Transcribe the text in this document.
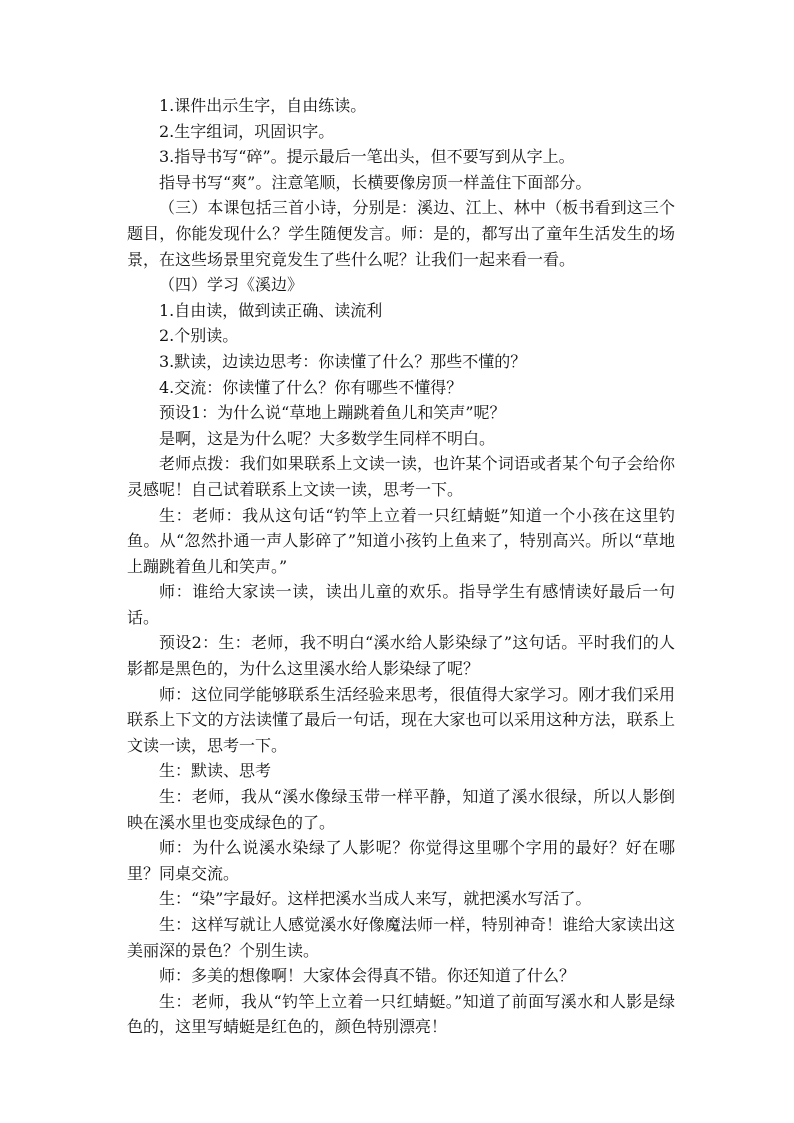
1.课件出示生字，自由练读。

2.生字组词，巩固识字。

3.指导书写“碎”。提示最后一笔出头，但不要写到从字上。

指导书写“爽”。注意笔顺，长横要像房顶一样盖住下面部分。

（三）本课包括三首小诗，分别是：溪边、江上、林中（板书看到这三个题目，你能发现什么？学生随便发言。师：是的，都写出了童年生活发生的场景，在这些场景里究竟发生了些什么呢？让我们一起来看一看。

（四）学习《溪边》

1.自由读，做到读正确、读流利

2.个别读。

3.默读，边读边思考：你读懂了什么？那些不懂的？

4.交流：你读懂了什么？你有哪些不懂得？

预设1：为什么说“草地上蹦跳着鱼儿和笑声”呢？

是啊，这是为什么呢？大多数学生同样不明白。

老师点拨：我们如果联系上文读一读，也许某个词语或者某个句子会给你灵感呢！自己试着联系上文读一读，思考一下。

生：老师：我从这句话“钓竿上立着一只红蜻蜓”知道一个小孩在这里钓鱼。从“忽然扑通一声人影碎了”知道小孩钓上鱼来了，特别高兴。所以“草地上蹦跳着鱼儿和笑声。”

师：谁给大家读一读，读出儿童的欢乐。指导学生有感情读好最后一句话。

预设2：生：老师，我不明白“溪水给人影染绿了”这句话。平时我们的人影都是黑色的，为什么这里溪水给人影染绿了呢？

师：这位同学能够联系生活经验来思考，很值得大家学习。刚才我们采用联系上下文的方法读懂了最后一句话，现在大家也可以采用这种方法，联系上文读一读，思考一下。

生：默读、思考

生：老师，我从“溪水像绿玉带一样平静，知道了溪水很绿，所以人影倒映在溪水里也变成绿色的了。

师：为什么说溪水染绿了人影呢？你觉得这里哪个字用的最好？好在哪里？同桌交流。

生：“染”字最好。这样把溪水当成人来写，就把溪水写活了。

生：这样写就让人感觉溪水好像魔法师一样，特别神奇！谁给大家读出这美丽深的景色？个别生读。

师：多美的想像啊！大家体会得真不错。你还知道了什么？

生：老师，我从“钓竿上立着一只红蜻蜓。”知道了前面写溪水和人影是绿色的，这里写蜻蜓是红色的，颜色特别漂亮！
